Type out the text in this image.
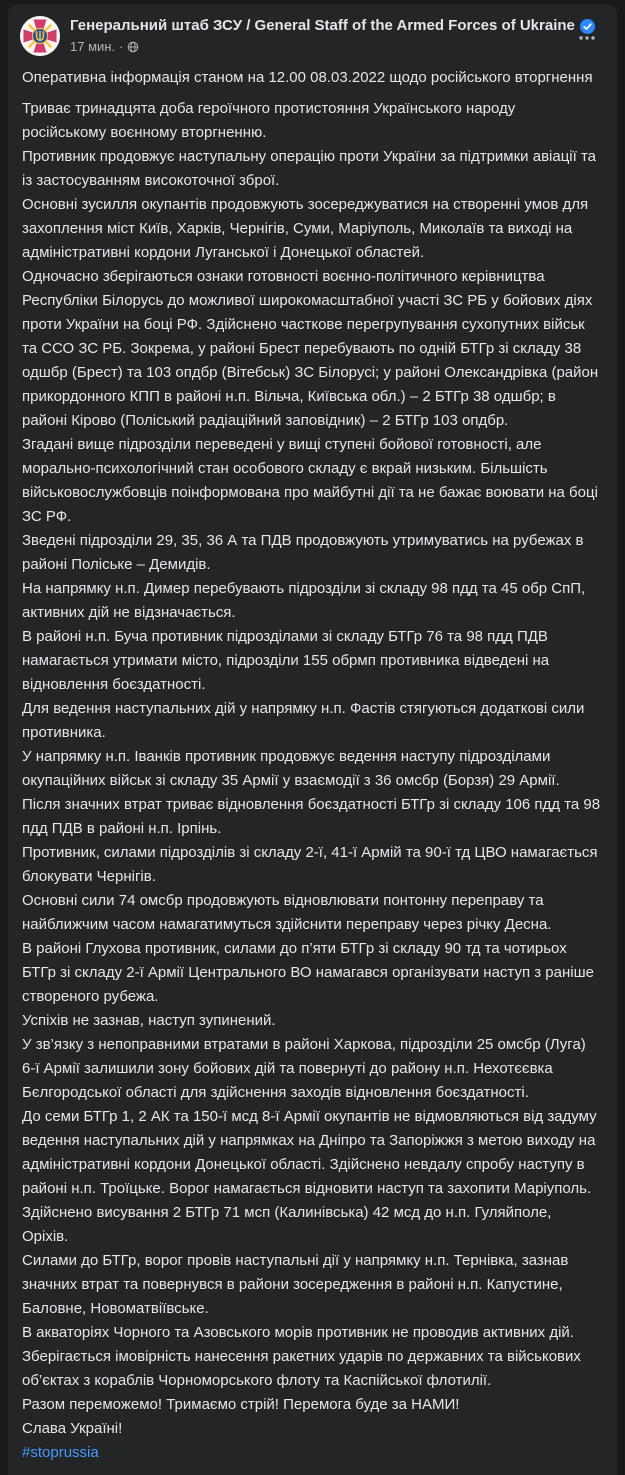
Генеральний штаб ЗСУ / General Staff of the Armed Forces of Ukraine
17 мин. ·
Оперативна інформація станом на 12.00 08.03.2022 щодо російського вторгнення
Триває тринадцята доба героїчного протистояння Українського народу російському воєнному вторгненню.
Противник продовжує наступальну операцію проти України за підтримки авіації та із застосуванням високоточної зброї.
Основні зусилля окупантів продовжують зосереджуватися на створенні умов для захоплення міст Київ, Харків, Чернігів, Суми, Маріуполь, Миколаїв та виході на адміністративні кордони Луганської і Донецької областей.
Одночасно зберігаються ознаки готовності воєнно-політичного керівництва Республіки Білорусь до можливої широкомасштабної участі ЗС РБ у бойових діях проти України на боці РФ. Здійснено часткове перегрупування сухопутних військ та ССО ЗС РБ. Зокрема, у районі Брест перебувають по одній БТГр зі складу 38 одшбр (Брест) та 103 опдбр (Вітебськ) ЗС Білорусі; у районі Олександрівка (район прикордонного КПП в районі н.п. Вільча, Київська обл.) – 2 БТГр 38 одшбр; в районі Кірово (Поліський радіаційний заповідник) – 2 БТГр 103 опдбр.
Згадані вище підрозділи переведені у вищі ступені бойової готовності, але морально-психологічний стан особового складу є вкрай низьким. Більшість військовослужбовців поінформована про майбутні дії та не бажає воювати на боці ЗС РФ.
Зведені підрозділи 29, 35, 36 А та ПДВ продовжують утримуватись на рубежах в районі Поліське – Демидів.
На напрямку н.п. Димер перебувають підрозділи зі складу 98 пдд та 45 обр СпП, активних дій не відзначається.
В районі н.п. Буча противник підрозділами зі складу БТГр 76 та 98 пдд ПДВ намагається утримати місто, підрозділи 155 обрмп противника відведені на відновлення боєздатності.
Для ведення наступальних дій у напрямку н.п. Фастів стягуються додаткові сили противника.
У напрямку н.п. Іванків противник продовжує ведення наступу підрозділами окупаційних військ зі складу 35 Армії у взаємодії з 36 омсбр (Борзя) 29 Армії.
Після значних втрат триває відновлення боєздатності БТГр зі складу 106 пдд та 98 пдд ПДВ в районі н.п. Ірпінь.
Противник, силами підрозділів зі складу 2-ї, 41-ї Армій та 90-ї тд ЦВО намагається блокувати Чернігів.
Основні сили 74 омсбр продовжують відновлювати понтонну переправу та найближчим часом намагатимуться здійснити переправу через річку Десна.
В районі Глухова противник, силами до п’яти БТГр зі складу 90 тд та чотирьох БТГр зі складу 2-ї Армії Центрального ВО намагався організувати наступ з раніше створеного рубежа.
Успіхів не зазнав, наступ зупинений.
У зв’язку з непоправними втратами в районі Харкова, підрозділи 25 омсбр (Луга) 6-ї Армії залишили зону бойових дій та повернуті до району н.п. Нехотєєвка Бєлгородської області для здійснення заходів відновлення боєздатності.
До семи БТГр 1, 2 АК та 150-ї мсд 8-ї Армії окупантів не відмовляються від задуму ведення наступальних дій у напрямках на Дніпро та Запоріжжя з метою виходу на адміністративні кордони Донецької області. Здійснено невдалу спробу наступу в районі н.п. Троїцьке. Ворог намагається відновити наступ та захопити Маріуполь. Здійснено висування 2 БТГр 71 мсп (Калинівська) 42 мсд до н.п. Гуляйполе, Оріхів.
Силами до БТГр, ворог провів наступальні дії у напрямку н.п. Тернівка, зазнав значних втрат та повернувся в райони зосередження в районі н.п. Капустине, Баловне, Новоматвіївське.
В акваторіях Чорного та Азовського морів противник не проводив активних дій. Зберігається імовірність нанесення ракетних ударів по державних та військових об’єктах з кораблів Чорноморського флоту та Каспійської флотилії.
Разом переможемо! Тримаємо стрій! Перемога буде за НАМИ!
Слава Україні!
#stoprussia
